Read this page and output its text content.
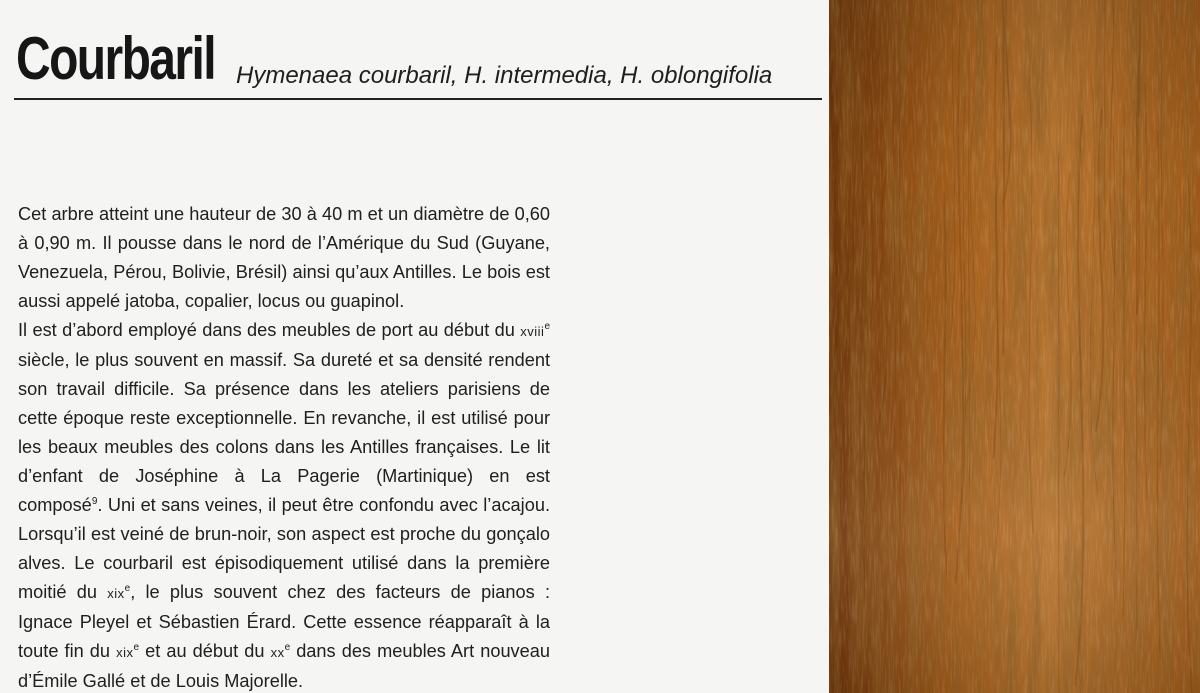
Courbaril Hymenaea courbaril, H. intermedia, H. oblongifolia

Cet arbre atteint une hauteur de 30 à 40 m et un diamètre de 0,60 à 0,90 m. Il pousse dans le nord de l’Amérique du Sud (Guyane, Venezuela, Pérou, Bolivie, Brésil) ainsi qu’aux Antilles. Le bois est aussi appelé jatoba, copalier, locus ou guapinol.

Il est d’abord employé dans des meubles de port au début du xviii$^e$ siècle, le plus souvent en massif. Sa dureté et sa densité rendent son travail difficile. Sa présence dans les ateliers parisiens de cette époque reste exceptionnelle. En revanche, il est utilisé pour les beaux meubles des colons dans les Antilles françaises. Le lit d’enfant de Joséphine à La Pagerie (Martinique) en est composé$^9$. Uni et sans veines, il peut être confondu avec l’acajou. Lorsqu’il est veiné de brun-noir, son aspect est proche du gonçalo alves. Le courbaril est épisodiquement utilisé dans la première moitié du xix$^e$, le plus souvent chez des facteurs de pianos : Ignace Pleyel et Sébastien Érard. Cette essence réapparaît à la toute fin du xix$^e$ et au début du $xx^e$ dans des meubles Art nouveau d’Émile Gallé et de Louis Majorelle.
